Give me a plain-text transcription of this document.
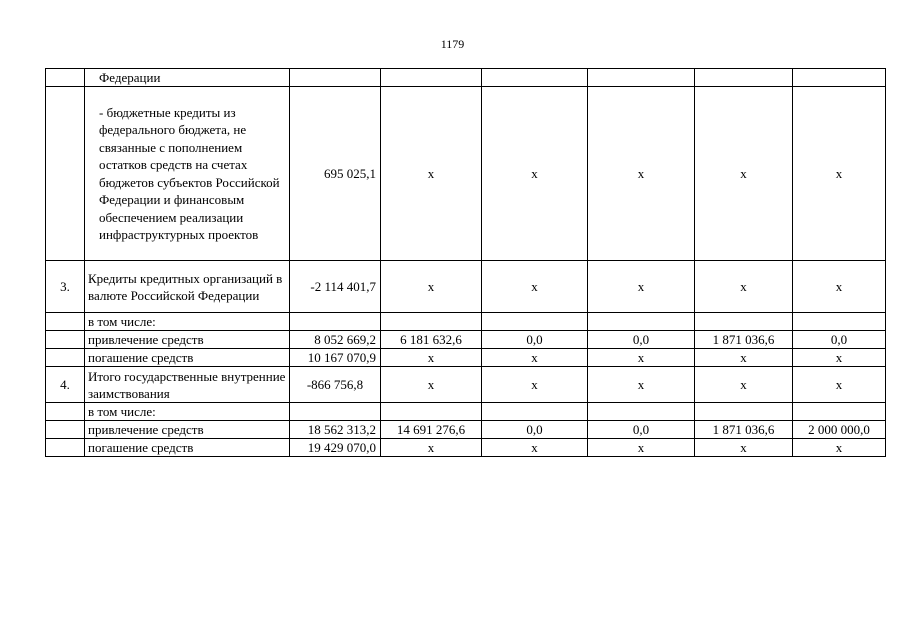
1179
	Федерации						
	- бюджетные кредиты из федерального бюджета, не связанные с пополнением остатков средств на счетах бюджетов субъектов Российской Федерации и финансовым обеспечением реализации инфраструктурных проектов	695 025,1	х	х	х	х	х
3.	Кредиты кредитных организаций в валюте Российской Федерации	-2 114 401,7	х	х	х	х	х
	в том числе:						
	привлечение средств	8 052 669,2	6 181 632,6	0,0	0,0	1 871 036,6	0,0
	погашение средств	10 167 070,9	х	х	х	х	х
4.	Итого государственные внутренние заимствования	-866 756,8	х	х	х	х	х
	в том числе:						
	привлечение средств	18 562 313,2	14 691 276,6	0,0	0,0	1 871 036,6	2 000 000,0
	погашение средств	19 429 070,0	х	х	х	х	х
